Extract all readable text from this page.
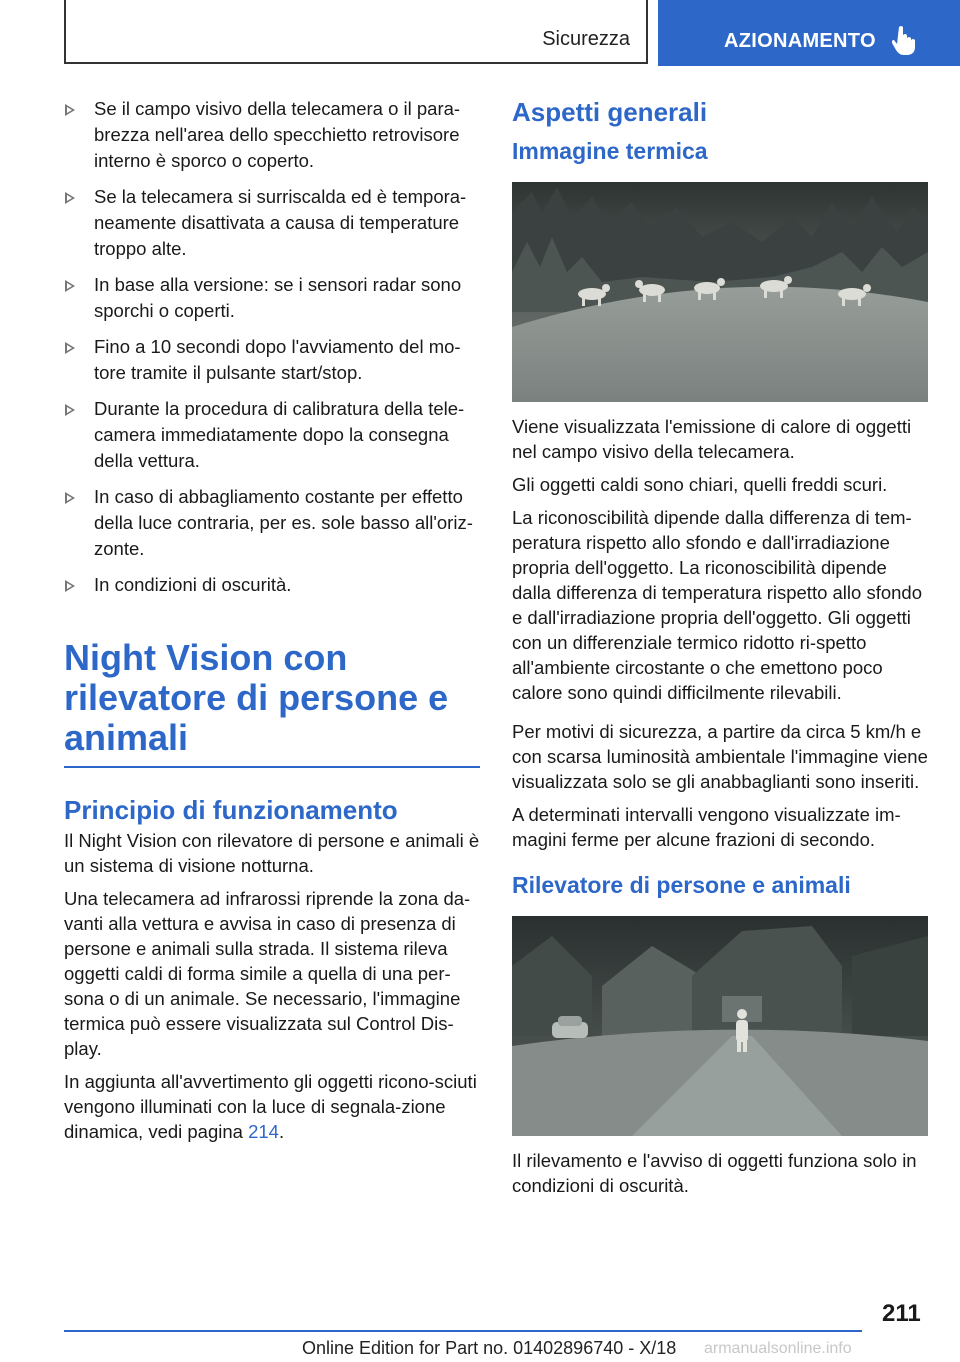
Sicurezza	AZIONAMENTO
Se il campo visivo della telecamera o il para-brezza nell'area dello specchietto retrovisore interno è sporco o coperto.
Se la telecamera si surriscalda ed è tempora-neamente disattivata a causa di temperature troppo alte.
In base alla versione: se i sensori radar sono sporchi o coperti.
Fino a 10 secondi dopo l'avviamento del mo-tore tramite il pulsante start/stop.
Durante la procedura di calibratura della tele-camera immediatamente dopo la consegna della vettura.
In caso di abbagliamento costante per effetto della luce contraria, per es. sole basso all'oriz-zonte.
In condizioni di oscurità.
Night Vision con rilevatore di persone e animali
Principio di funzionamento

Il Night Vision con rilevatore di persone e animali è un sistema di visione notturna.

Una telecamera ad infrarossi riprende la zona da-vanti alla vettura e avvisa in caso di presenza di persone e animali sulla strada. Il sistema rileva oggetti caldi di forma simile a quella di una per-sona o di un animale. Se necessario, l'immagine termica può essere visualizzata sul Control Dis-play.

In aggiunta all'avvertimento gli oggetti ricono-sciuti vengono illuminati con la luce di segnala-zione dinamica, vedi pagina 214.

Aspetti generali
Immagine termica

Viene visualizzata l'emissione di calore di oggetti nel campo visivo della telecamera.

Gli oggetti caldi sono chiari, quelli freddi scuri.

La riconoscibilità dipende dalla differenza di tem-peratura rispetto allo sfondo e dall'irradiazione propria dell'oggetto. La riconoscibilità dipende dalla differenza di temperatura rispetto allo sfondo e dall'irradiazione propria dell'oggetto. Gli oggetti con un differenziale termico ridotto ri-spetto all'ambiente circostante o che emettono poco calore sono quindi difficilmente rilevabili.

Per motivi di sicurezza, a partire da circa 5 km/h e con scarsa luminosità ambientale l'immagine viene visualizzata solo se gli anabbaglianti sono inseriti.

A determinati intervalli vengono visualizzate im-magini ferme per alcune frazioni di secondo.

Rilevatore di persone e animali

Il rilevamento e l'avviso di oggetti funziona solo in condizioni di oscurità.

211
Online Edition for Part no. 01402896740 - X/18 armanualsonline.info
